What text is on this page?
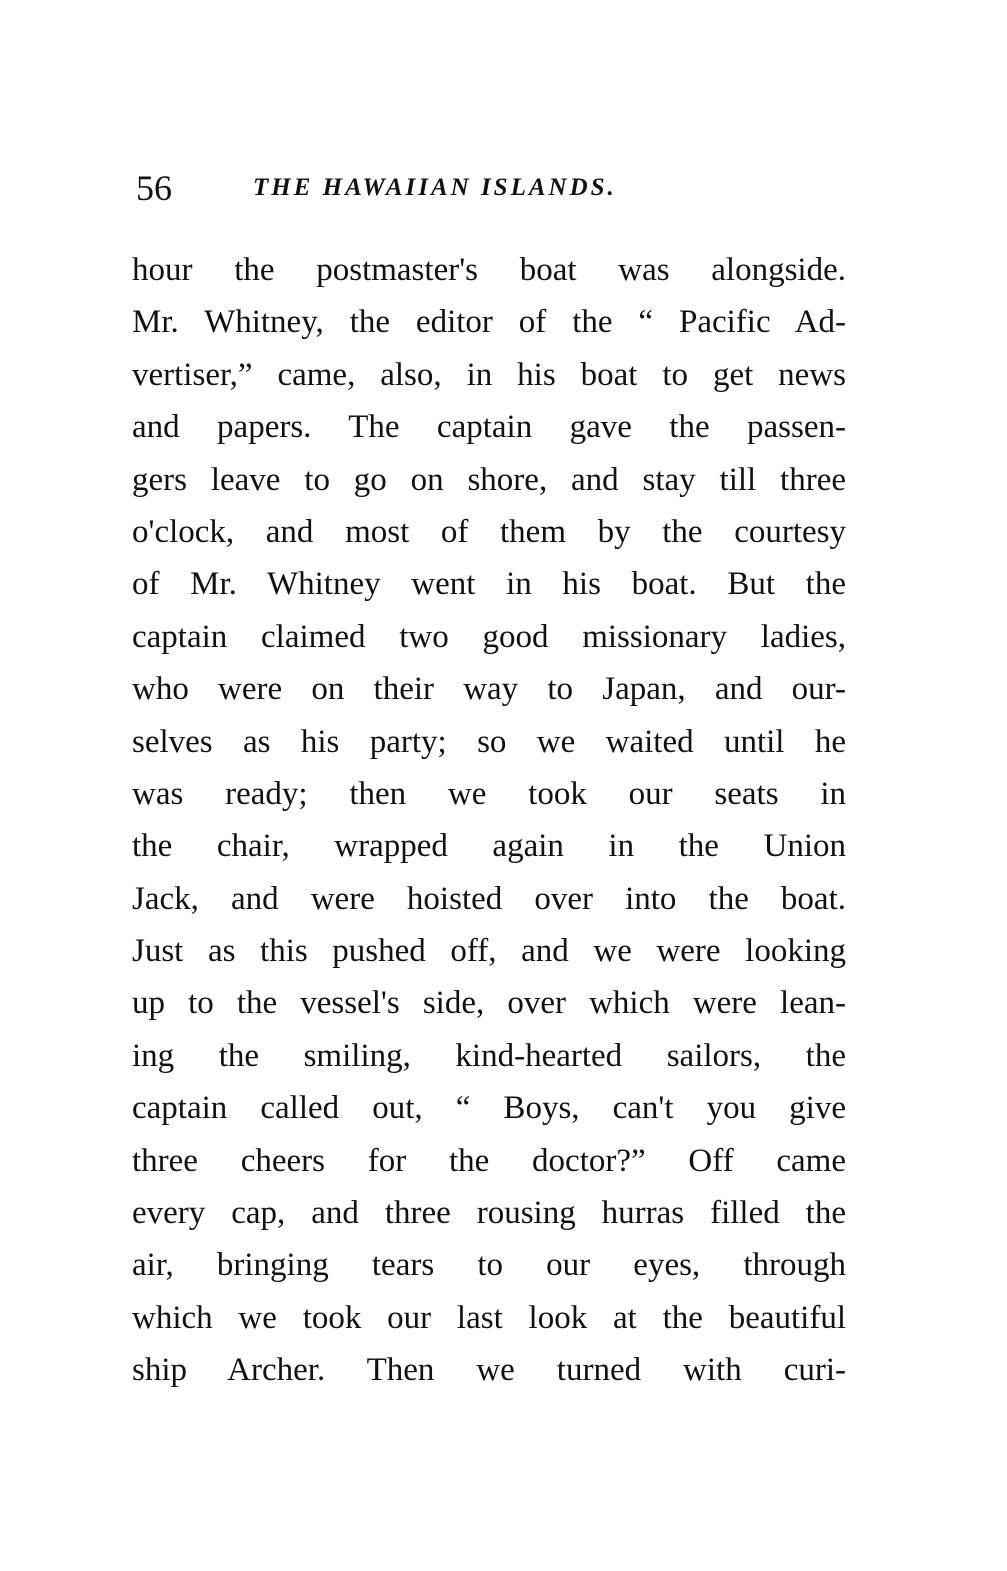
56	THE HAWAIIAN ISLANDS.
hour the postmaster's boat was alongside.
Mr. Whitney, the editor of the “ Pacific Ad-
vertiser,” came, also, in his boat to get news
and papers. The captain gave the passen-
gers leave to go on shore, and stay till three
o'clock, and most of them by the courtesy
of Mr. Whitney went in his boat. But the
captain claimed two good missionary ladies,
who were on their way to Japan, and our-
selves as his party; so we waited until he
was ready; then we took our seats in
the chair, wrapped again in the Union
Jack, and were hoisted over into the boat.
Just as this pushed off, and we were looking
up to the vessel's side, over which were lean-
ing the smiling, kind-hearted sailors, the
captain called out, “ Boys, can't you give
three cheers for the doctor?” Off came
every cap, and three rousing hurras filled the
air, bringing tears to our eyes, through
which we took our last look at the beautiful
ship Archer. Then we turned with curi-
